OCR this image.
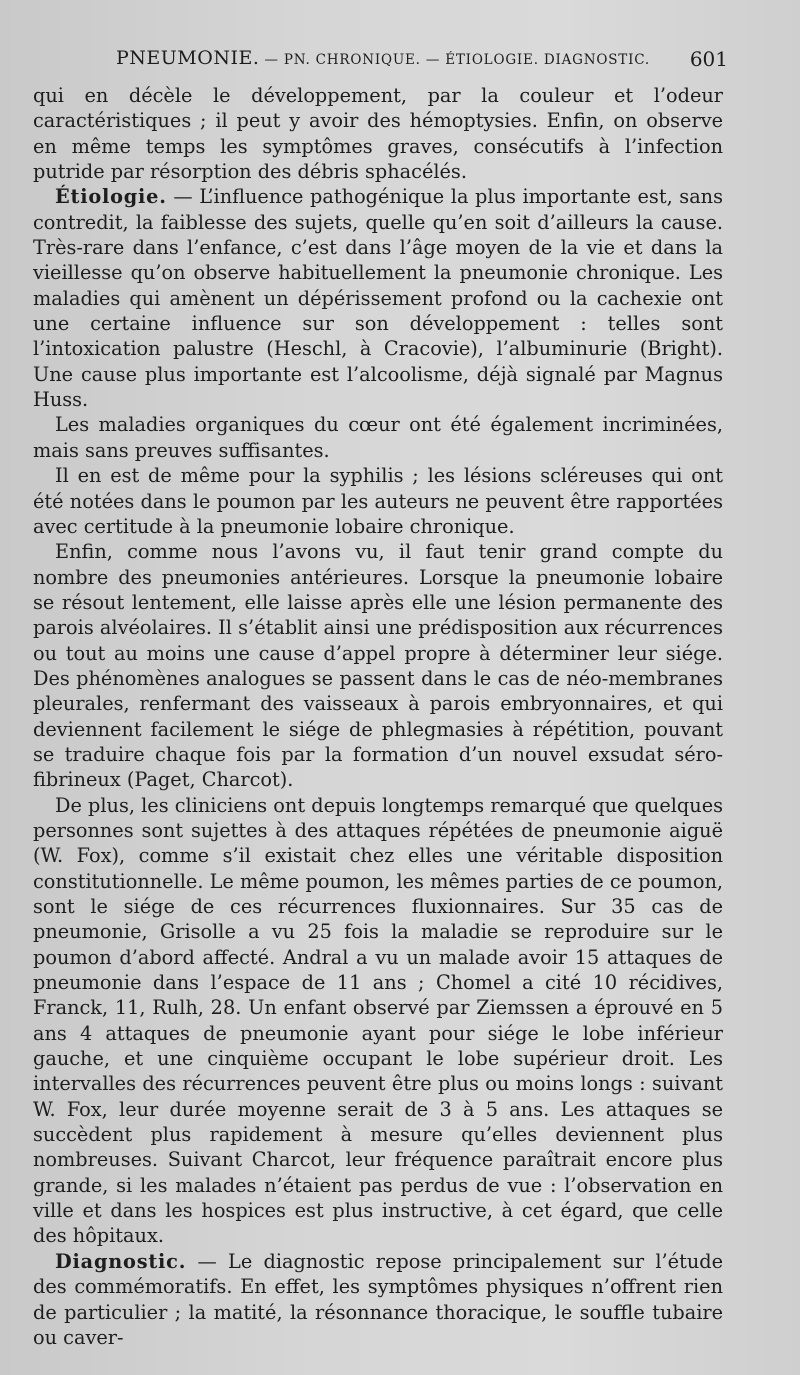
PNEUMONIE. — PN. CHRONIQUE. — ÉTIOLOGIE. DIAGNOSTIC. 601

qui en décèle le développement, par la couleur et l’odeur caractéristiques ; il peut y avoir des hémoptysies. Enfin, on observe en même temps les symptômes graves, consécutifs à l’infection putride par résorption des débris sphacélés.

Étiologie. — L’influence pathogénique la plus importante est, sans contredit, la faiblesse des sujets, quelle qu’en soit d’ailleurs la cause. Très-rare dans l’enfance, c’est dans l’âge moyen de la vie et dans la vieillesse qu’on observe habituellement la pneumonie chronique. Les maladies qui amènent un dépérissement profond ou la cachexie ont une certaine influence sur son développement : telles sont l’intoxication palustre (Heschl, à Cracovie), l’albuminurie (Bright). Une cause plus importante est l’alcoolisme, déjà signalé par Magnus Huss.

Les maladies organiques du cœur ont été également incriminées, mais sans preuves suffisantes.

Il en est de même pour la syphilis ; les lésions scléreuses qui ont été notées dans le poumon par les auteurs ne peuvent être rapportées avec certitude à la pneumonie lobaire chronique.

Enfin, comme nous l’avons vu, il faut tenir grand compte du nombre des pneumonies antérieures. Lorsque la pneumonie lobaire se résout lentement, elle laisse après elle une lésion permanente des parois alvéolaires. Il s’établit ainsi une prédisposition aux récurrences ou tout au moins une cause d’appel propre à déterminer leur siége. Des phénomènes analogues se passent dans le cas de néo-membranes pleurales, renfermant des vaisseaux à parois embryonnaires, et qui deviennent facilement le siége de phlegmasies à répétition, pouvant se traduire chaque fois par la formation d’un nouvel exsudat séro-fibrineux (Paget, Charcot).

De plus, les cliniciens ont depuis longtemps remarqué que quelques personnes sont sujettes à des attaques répétées de pneumonie aiguë (W. Fox), comme s’il existait chez elles une véritable disposition constitutionnelle. Le même poumon, les mêmes parties de ce poumon, sont le siége de ces récurrences fluxionnaires. Sur 35 cas de pneumonie, Grisolle a vu 25 fois la maladie se reproduire sur le poumon d’abord affecté. Andral a vu un malade avoir 15 attaques de pneumonie dans l’espace de 11 ans ; Chomel a cité 10 récidives, Franck, 11, Rulh, 28. Un enfant observé par Ziemssen a éprouvé en 5 ans 4 attaques de pneumonie ayant pour siége le lobe inférieur gauche, et une cinquième occupant le lobe supérieur droit. Les intervalles des récurrences peuvent être plus ou moins longs : suivant W. Fox, leur durée moyenne serait de 3 à 5 ans. Les attaques se succèdent plus rapidement à mesure qu’elles deviennent plus nombreuses. Suivant Charcot, leur fréquence paraîtrait encore plus grande, si les malades n’étaient pas perdus de vue : l’observation en ville et dans les hospices est plus instructive, à cet égard, que celle des hôpitaux.

Diagnostic. — Le diagnostic repose principalement sur l’étude des commémoratifs. En effet, les symptômes physiques n’offrent rien de particulier ; la matité, la résonnance thoracique, le souffle tubaire ou caver-
